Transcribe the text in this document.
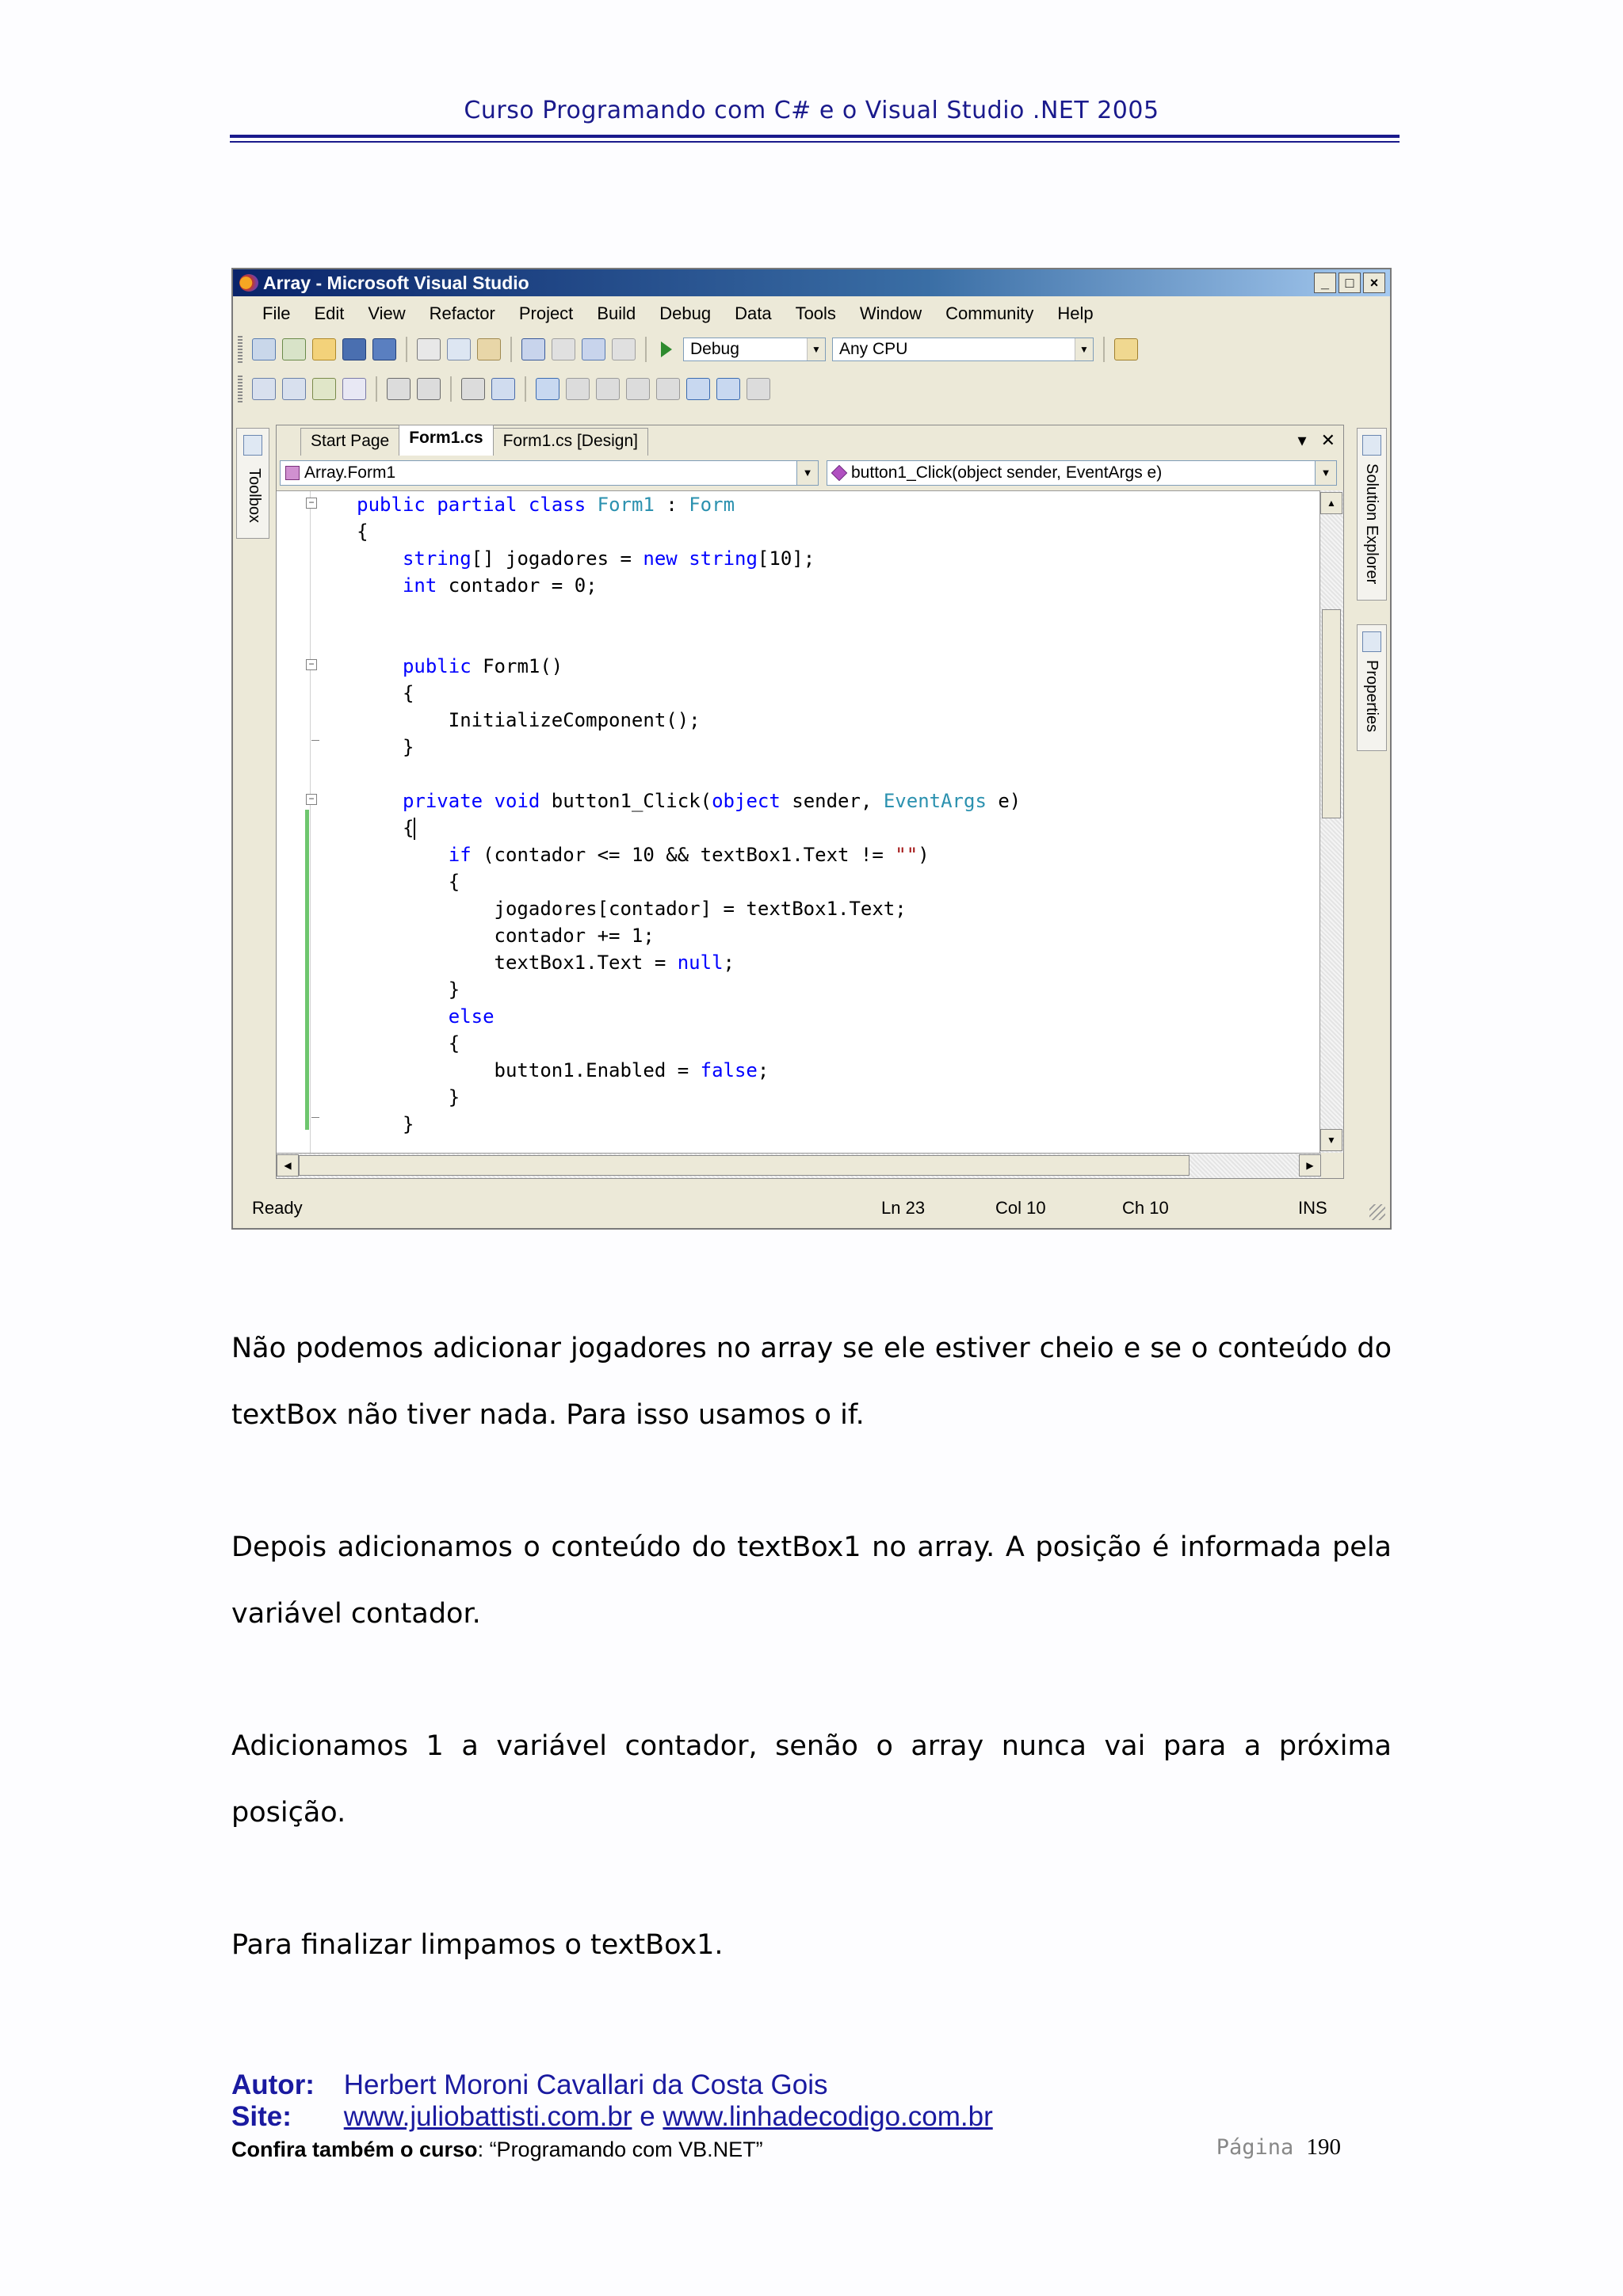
Curso Programando com C# e o Visual Studio .NET 2005
Array - Microsoft Visual Studio	_	□	×
File	Edit	View	Refactor	Project	Build	Debug	Data	Tools	Window	Community	Help
Debug	▼ Any CPU	▼
Toolbox	Solution Explorer
Properties
Start Page	Form1.cs	Form1.cs [Design]	▾ ✕
Array.Form1	▼	button1_Click(object sender, EventArgs e)	▼
−
−
−
public partial class Form1 : Form
{
string[] jogadores = new string[10];
int contador = 0;

public Form1()
{
InitializeComponent();
}

private void button1_Click(object sender, EventArgs e)
{
if (contador <= 10 && textBox1.Text != "")
{
jogadores[contador] = textBox1.Text;
contador += 1;
textBox1.Text = null;
}
else
{
button1.Enabled = false;
}
}
▲
▼
◀	▶
Ready	Ln 23	Col 10	Ch 10	INS
Não podemos adicionar jogadores no array se ele estiver cheio e se o conteúdo do textBox não tiver nada. Para isso usamos o if.
Depois adicionamos o conteúdo do textBox1 no array. A posição é informada pela variável contador.
Adicionamos 1 a variável contador, senão o array nunca vai para a próxima posição.
Para finalizar limpamos o textBox1.
Autor: Herbert Moroni Cavallari da Costa Gois
Site: www.juliobattisti.com.br e www.linhadecodigo.com.br
Confira também o curso: “Programando com VB.NET”	Página 190
